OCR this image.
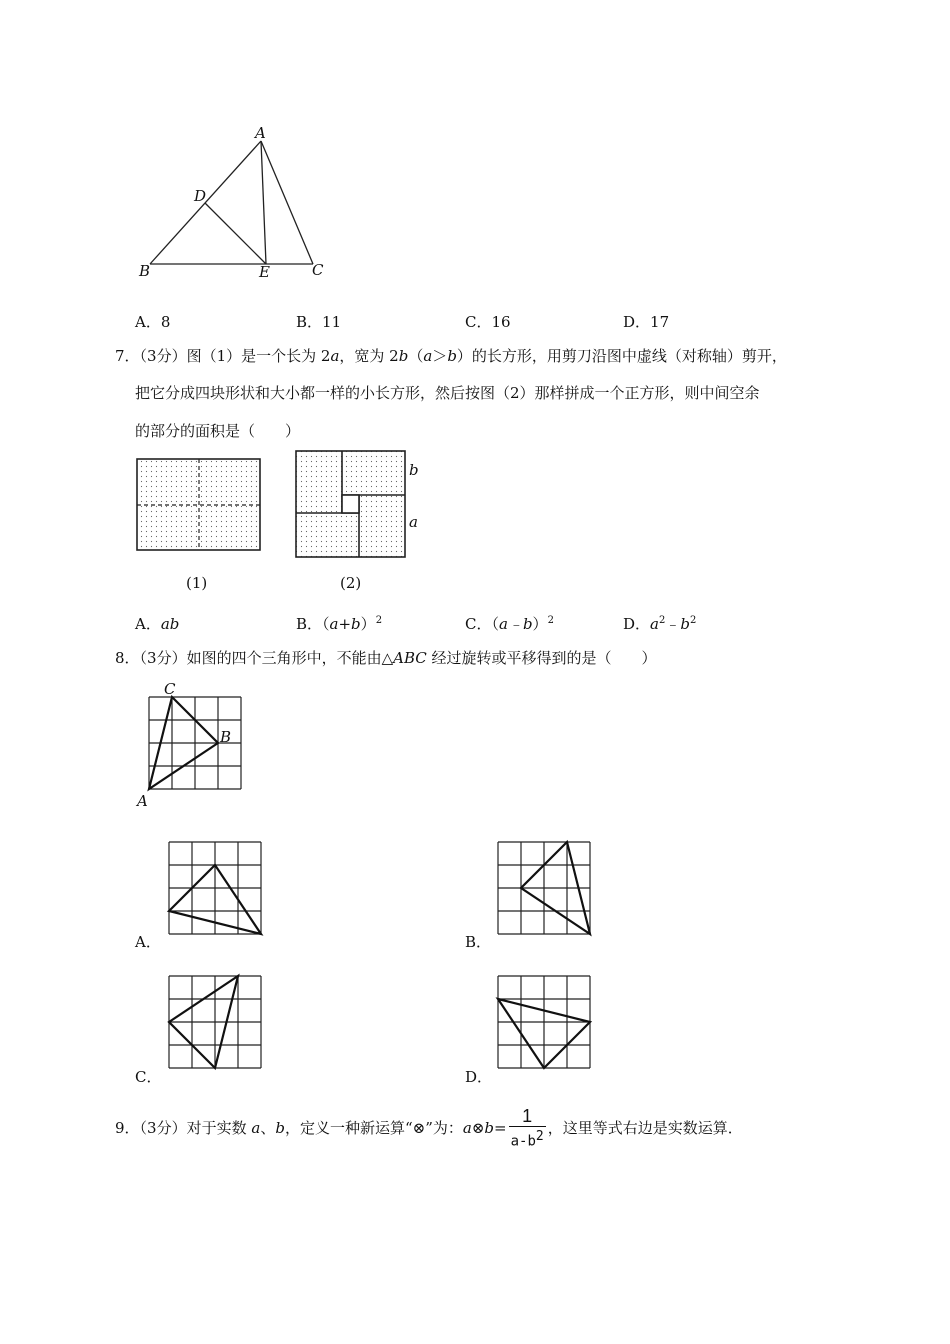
A
D
B	E	C
A．8	B．11	C．16	D．17
7．（3分）图（1）是一个长为 2a，宽为 2b（a＞b）的长方形，用剪刀沿图中虚线（对称轴）剪开，
把它分成四块形状和大小都一样的小长方形，然后按图（2）那样拼成一个正方形，则中间空余
的部分的面积是（　　）
b
a
(1)	(2)
A．ab	B．$(a+b)^2$	C．（a﹣b）$^2$	D．$a^2﹣b^2$
8．（3分）如图的四个三角形中，不能由△ABC 经过旋转或平移得到的是（　　）
C
B
A
A．	B．
C．	D．
9．（3分）对于实数 a、b，定义一种新运算“⊗”为：a⊗b= $\frac{1}{a-b^2}$ ，这里等式右边是实数运算．
